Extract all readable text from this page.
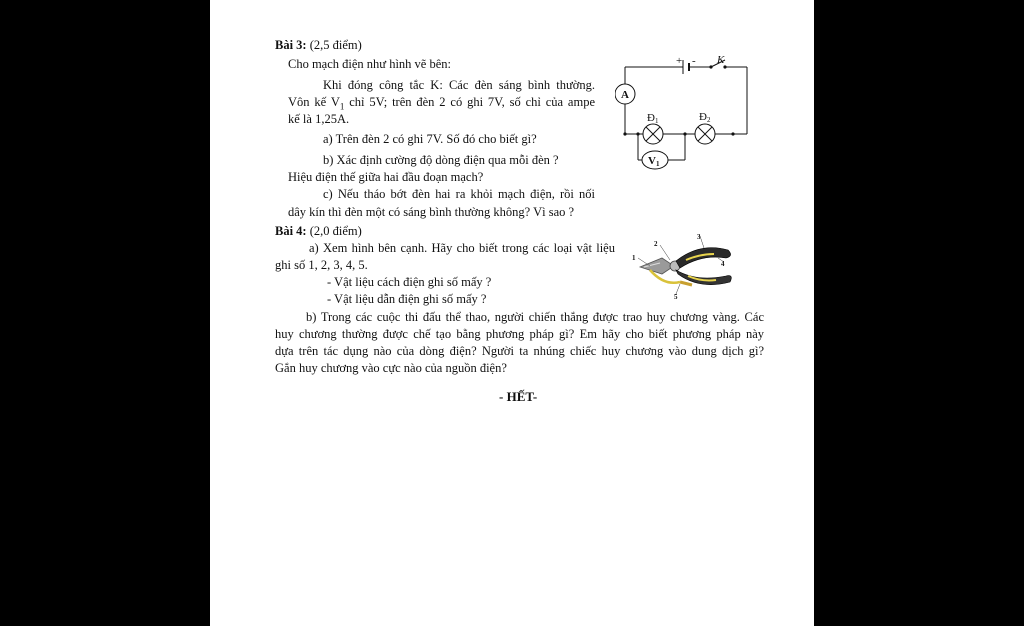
Bài 3: (2,5 điểm)
Cho mạch điện như hình vẽ bên:
Khi đóng công tắc K: Các đèn sáng bình thường.
Vôn kế $V_1$ chỉ 5V; trên đèn 2 có ghi 7V, số chỉ của ampe
kế là 1,25A.
a) Trên đèn 2 có ghi 7V. Số đó cho biết gì?
b) Xác định cường độ dòng điện qua mỗi đèn ?
Hiệu điện thế giữa hai đầu đoạn mạch?
c) Nếu tháo bớt đèn hai ra khỏi mạch điện, rồi nối
dây kín thì đèn một có sáng bình thường không? Vì sao ?
+ - K
A
Đ1	Đ2
V1
Bài 4: (2,0 điểm)
a) Xem hình bên cạnh. Hãy cho biết trong các loại vật liệu
ghi số 1, 2, 3, 4, 5.
- Vật liệu cách điện ghi số mấy ?
- Vật liệu dẫn điện ghi số mấy ?
b) Trong các cuộc thi đấu thể thao, người chiến thắng được trao huy chương vàng. Các
huy chương thường được chế tạo bằng phương pháp gì? Em hãy cho biết phương pháp này
dựa trên tác dụng nào của dòng điện? Người ta nhúng chiếc huy chương vào dung dịch gì?
Gắn huy chương vào cực nào của nguồn điện?
1
2
3
4
5
- HẾT-
